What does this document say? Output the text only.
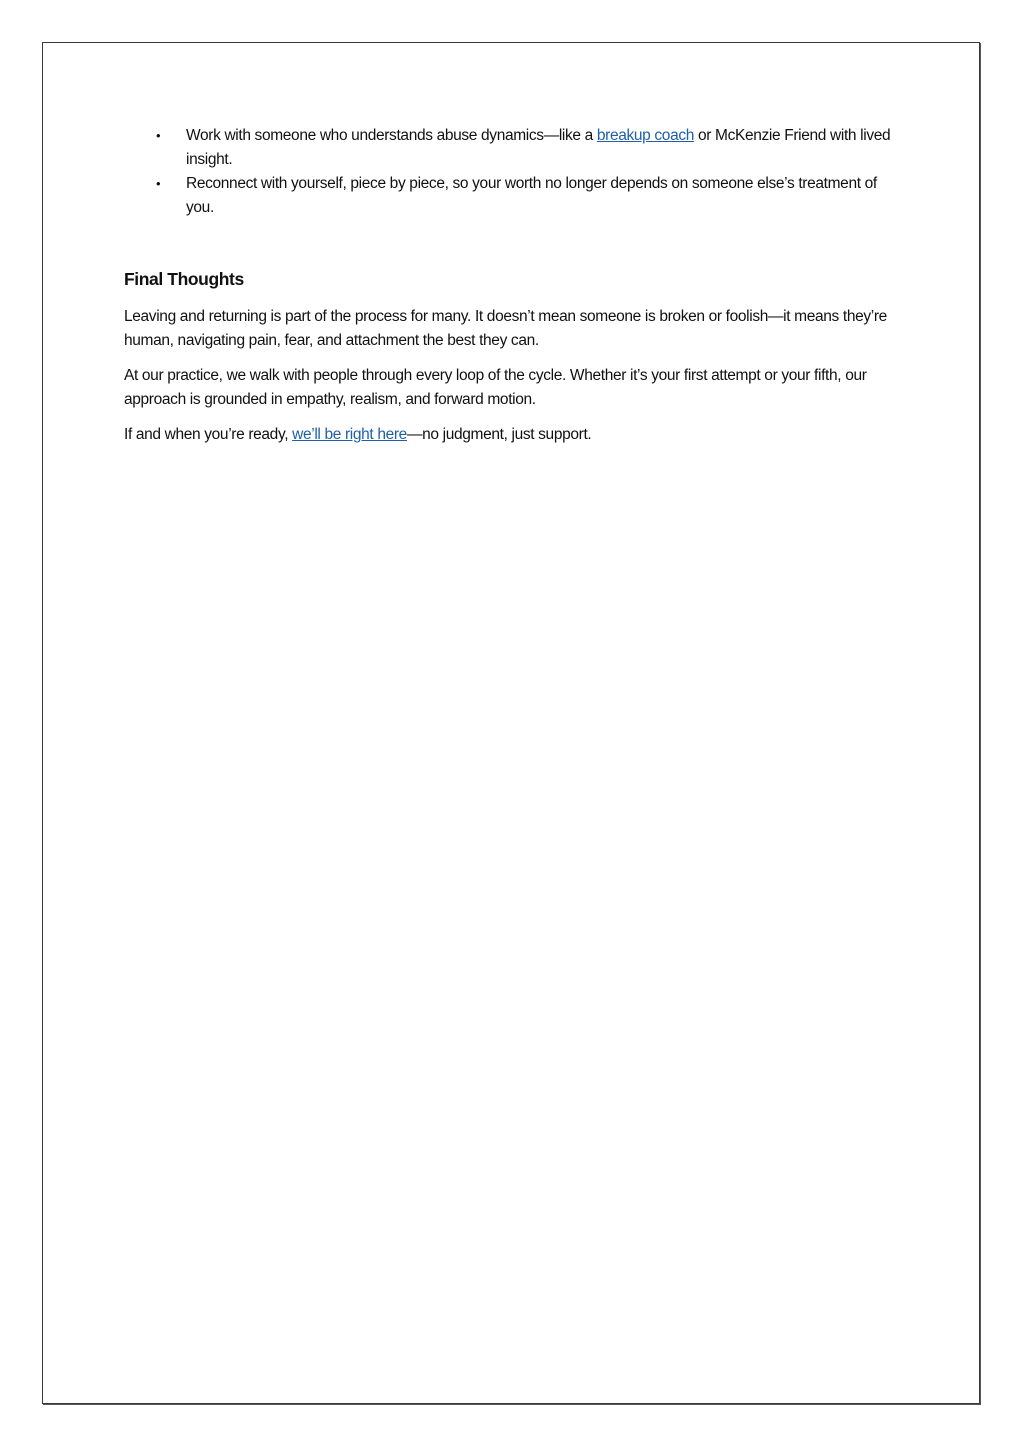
• Work with someone who understands abuse dynamics—like a breakup coach or McKenzie Friend with lived insight.
• Reconnect with yourself, piece by piece, so your worth no longer depends on someone else’s treatment of you.
Final Thoughts

Leaving and returning is part of the process for many. It doesn’t mean someone is broken or foolish—it means they’re human, navigating pain, fear, and attachment the best they can.

At our practice, we walk with people through every loop of the cycle. Whether it’s your first attempt or your fifth, our approach is grounded in empathy, realism, and forward motion.

If and when you’re ready, we’ll be right here—no judgment, just support.
